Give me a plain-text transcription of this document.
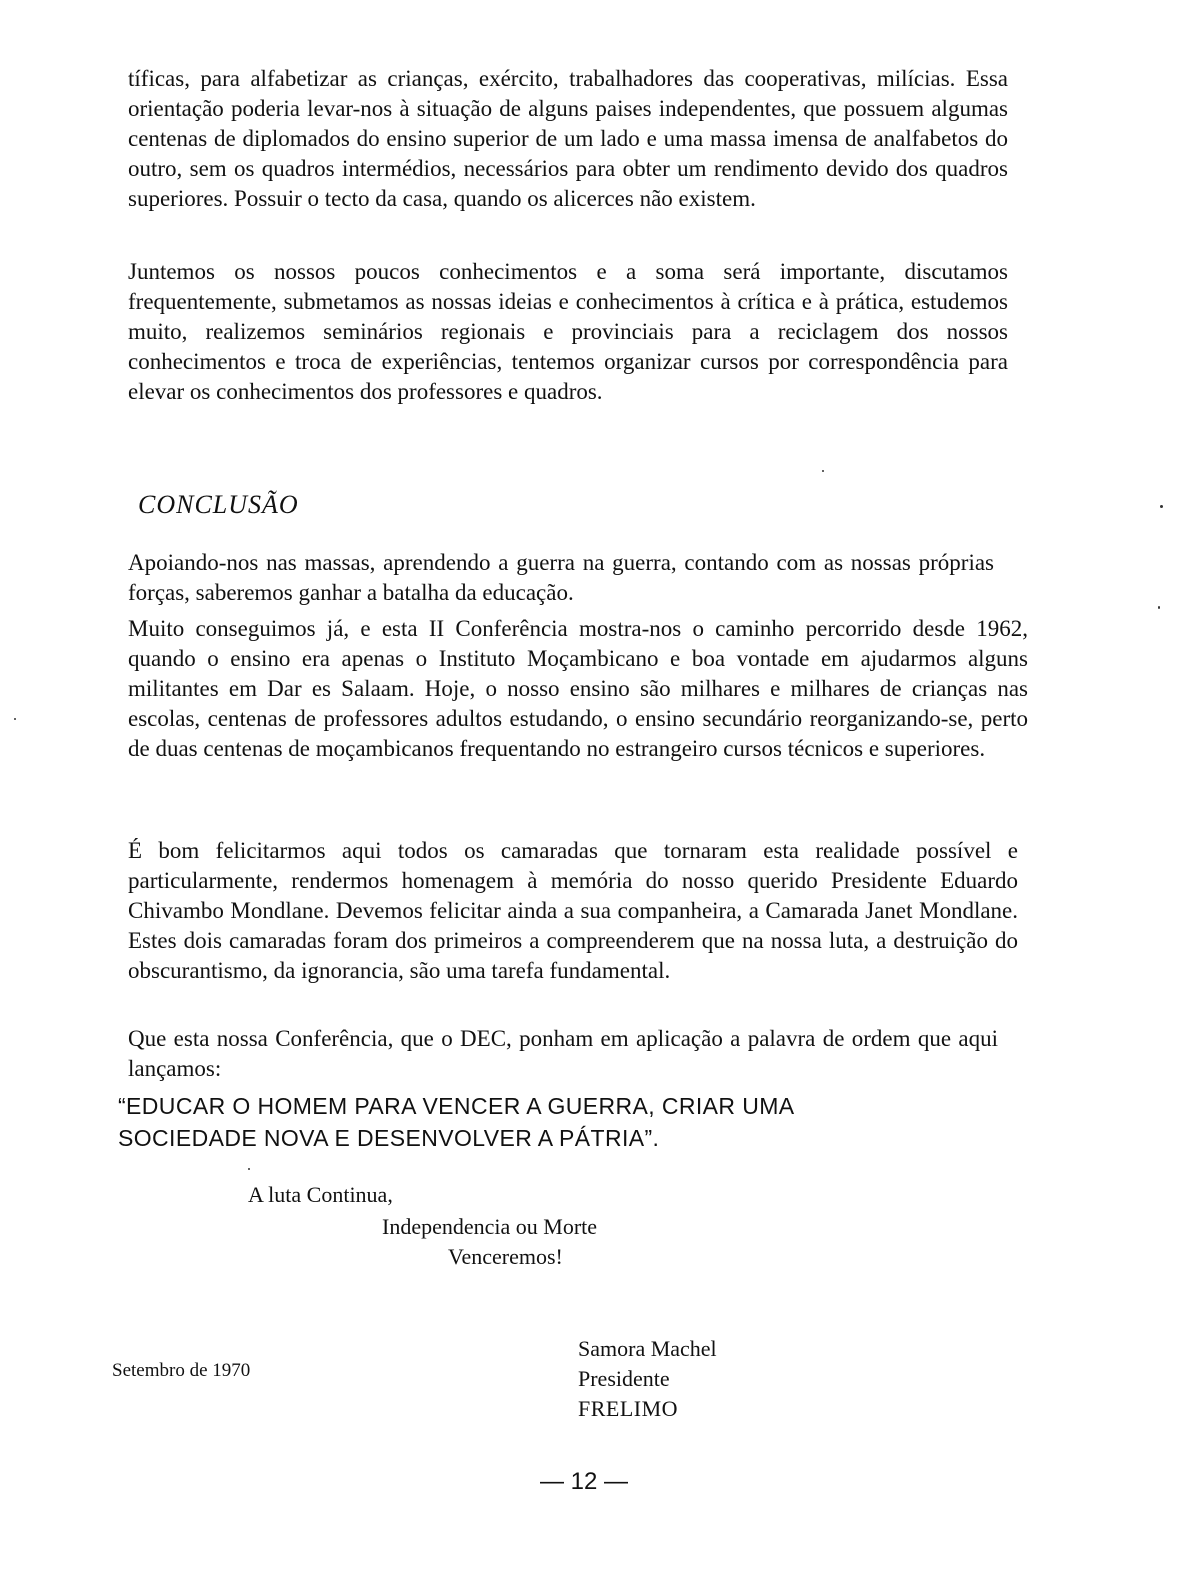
tíficas, para alfabetizar as crianças, exército, trabalhadores das cooperativas, milícias. Essa orientação poderia levar-nos à situação de alguns paises independentes, que possuem algumas centenas de diplomados do ensino superior de um lado e uma massa imensa de analfabetos do outro, sem os quadros intermédios, necessários para obter um rendimento devido dos quadros superiores. Possuir o tecto da casa, quando os alicerces não existem.

Juntemos os nossos poucos conhecimentos e a soma será importante, discutamos frequentemente, submetamos as nossas ideias e conhecimentos à crítica e à prática, estudemos muito, realizemos seminários regionais e provinciais para a reciclagem dos nossos conhecimentos e troca de experiências, tentemos organizar cursos por correspondência para elevar os conhecimentos dos professores e quadros.

CONCLUSÃO

Apoiando-nos nas massas, aprendendo a guerra na guerra, contando com as nossas próprias forças, saberemos ganhar a batalha da educação.

Muito conseguimos já, e esta II Conferência mostra-nos o caminho percorrido desde 1962, quando o ensino era apenas o Instituto Moçambicano e boa vontade em ajudarmos alguns militantes em Dar es Salaam. Hoje, o nosso ensino são milhares e milhares de crianças nas escolas, centenas de professores adultos estudando, o ensino secundário reorganizando-se, perto de duas centenas de moçambicanos frequentando no estrangeiro cursos técnicos e superiores.

É bom felicitarmos aqui todos os camaradas que tornaram esta realidade possível e particularmente, rendermos homenagem à memória do nosso querido Presidente Eduardo Chivambo Mondlane. Devemos felicitar ainda a sua companheira, a Camarada Janet Mondlane. Estes dois camaradas foram dos primeiros a compreenderem que na nossa luta, a destruição do obscurantismo, da ignorancia, são uma tarefa fundamental.

Que esta nossa Conferência, que o DEC, ponham em aplicação a palavra de ordem que aqui lançamos:

“EDUCAR O HOMEM PARA VENCER A GUERRA, CRIAR UMA
SOCIEDADE NOVA E DESENVOLVER A PÁTRIA”.

A luta Continua,

Independencia ou Morte

Venceremos!

Setembro de 1970

Samora Machel

Presidente

FRELIMO

— 12 —
